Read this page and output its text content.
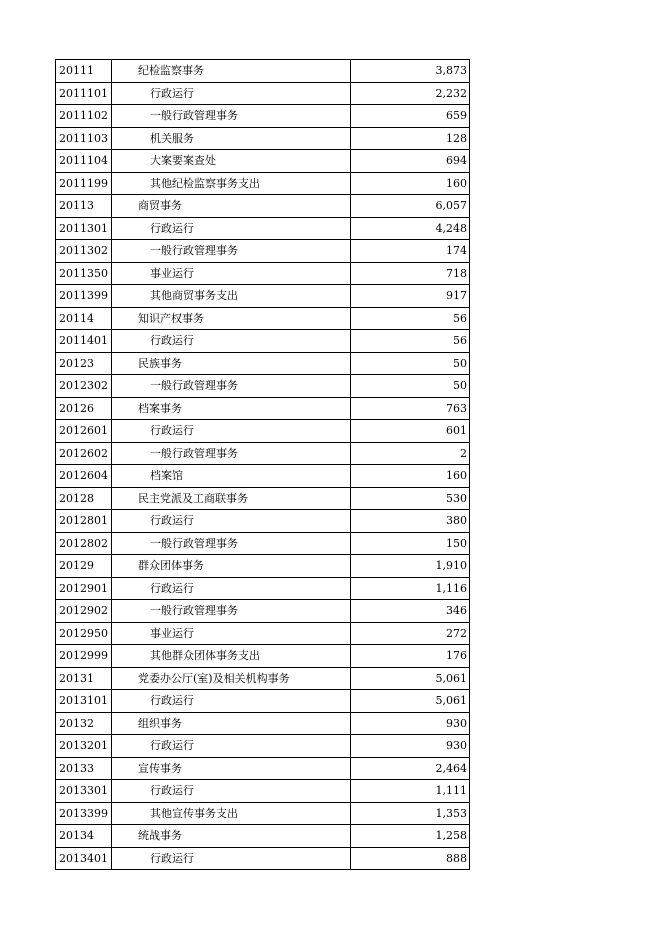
20111	纪检监察事务	3,873
2011101	行政运行	2,232
2011102	一般行政管理事务	659
2011103	机关服务	128
2011104	大案要案查处	694
2011199	其他纪检监察事务支出	160
20113	商贸事务	6,057
2011301	行政运行	4,248
2011302	一般行政管理事务	174
2011350	事业运行	718
2011399	其他商贸事务支出	917
20114	知识产权事务	56
2011401	行政运行	56
20123	民族事务	50
2012302	一般行政管理事务	50
20126	档案事务	763
2012601	行政运行	601
2012602	一般行政管理事务	2
2012604	档案馆	160
20128	民主党派及工商联事务	530
2012801	行政运行	380
2012802	一般行政管理事务	150
20129	群众团体事务	1,910
2012901	行政运行	1,116
2012902	一般行政管理事务	346
2012950	事业运行	272
2012999	其他群众团体事务支出	176
20131	党委办公厅(室)及相关机构事务	5,061
2013101	行政运行	5,061
20132	组织事务	930
2013201	行政运行	930
20133	宣传事务	2,464
2013301	行政运行	1,111
2013399	其他宣传事务支出	1,353
20134	统战事务	1,258
2013401	行政运行	888
